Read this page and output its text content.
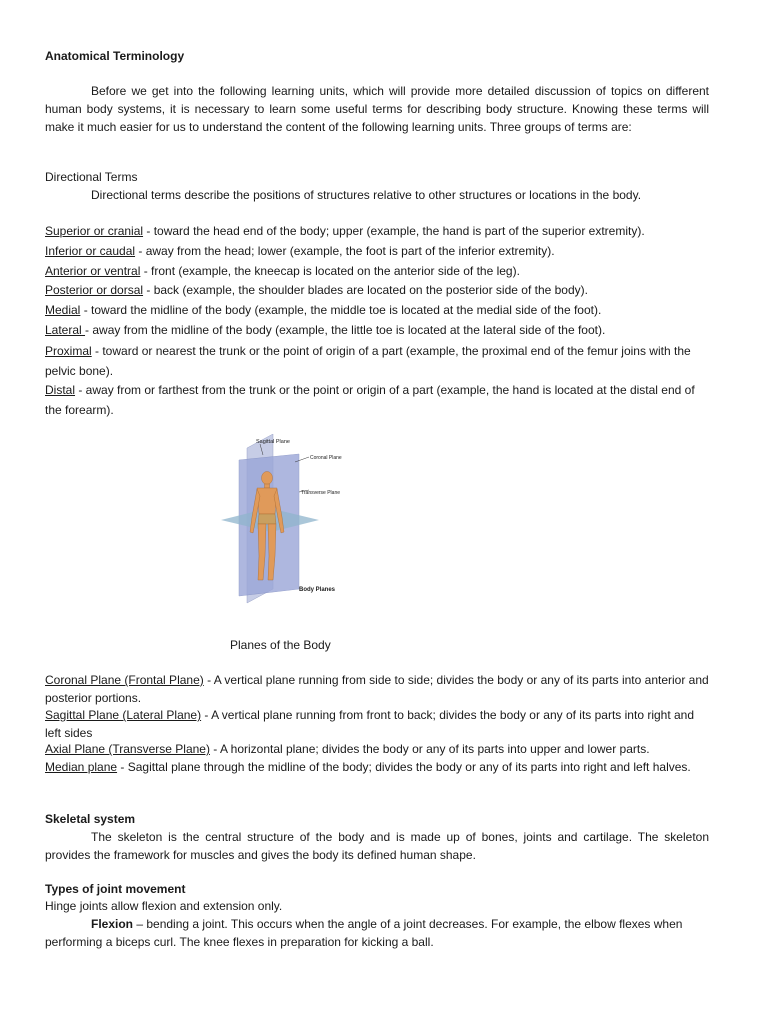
Anatomical Terminology
Before we get into the following learning units, which will provide more detailed discussion of topics on different human body systems, it is necessary to learn some useful terms for describing body structure. Knowing these terms will make it much easier for us to understand the content of the following learning units. Three groups of terms are:
Directional Terms
Directional terms describe the positions of structures relative to other structures or locations in the body.
Superior or cranial - toward the head end of the body; upper (example, the hand is part of the superior extremity).
Inferior or caudal - away from the head; lower (example, the foot is part of the inferior extremity).
Anterior or ventral - front (example, the kneecap is located on the anterior side of the leg).
Posterior or dorsal - back (example, the shoulder blades are located on the posterior side of the body).
Medial - toward the midline of the body (example, the middle toe is located at the medial side of the foot).
Lateral - away from the midline of the body (example, the little toe is located at the lateral side of the foot).
Proximal - toward or nearest the trunk or the point of origin of a part (example, the proximal end of the femur joins with the pelvic bone).
Distal - away from or farthest from the trunk or the point or origin of a part (example, the hand is located at the distal end of the forearm).
Sagittal Plane
Coronal Plane
Transverse Plane
Body Planes
Planes of the Body
Coronal Plane (Frontal Plane) - A vertical plane running from side to side; divides the body or any of its parts into anterior and posterior portions.
Sagittal Plane (Lateral Plane) - A vertical plane running from front to back; divides the body or any of its parts into right and left sides
Axial Plane (Transverse Plane) - A horizontal plane; divides the body or any of its parts into upper and lower parts.
Median plane - Sagittal plane through the midline of the body; divides the body or any of its parts into right and left halves.
Skeletal system
The skeleton is the central structure of the body and is made up of bones, joints and cartilage. The skeleton provides the framework for muscles and gives the body its defined human shape.
Types of joint movement
Hinge joints allow flexion and extension only.
Flexion – bending a joint. This occurs when the angle of a joint decreases. For example, the elbow flexes when performing a biceps curl. The knee flexes in preparation for kicking a ball.
